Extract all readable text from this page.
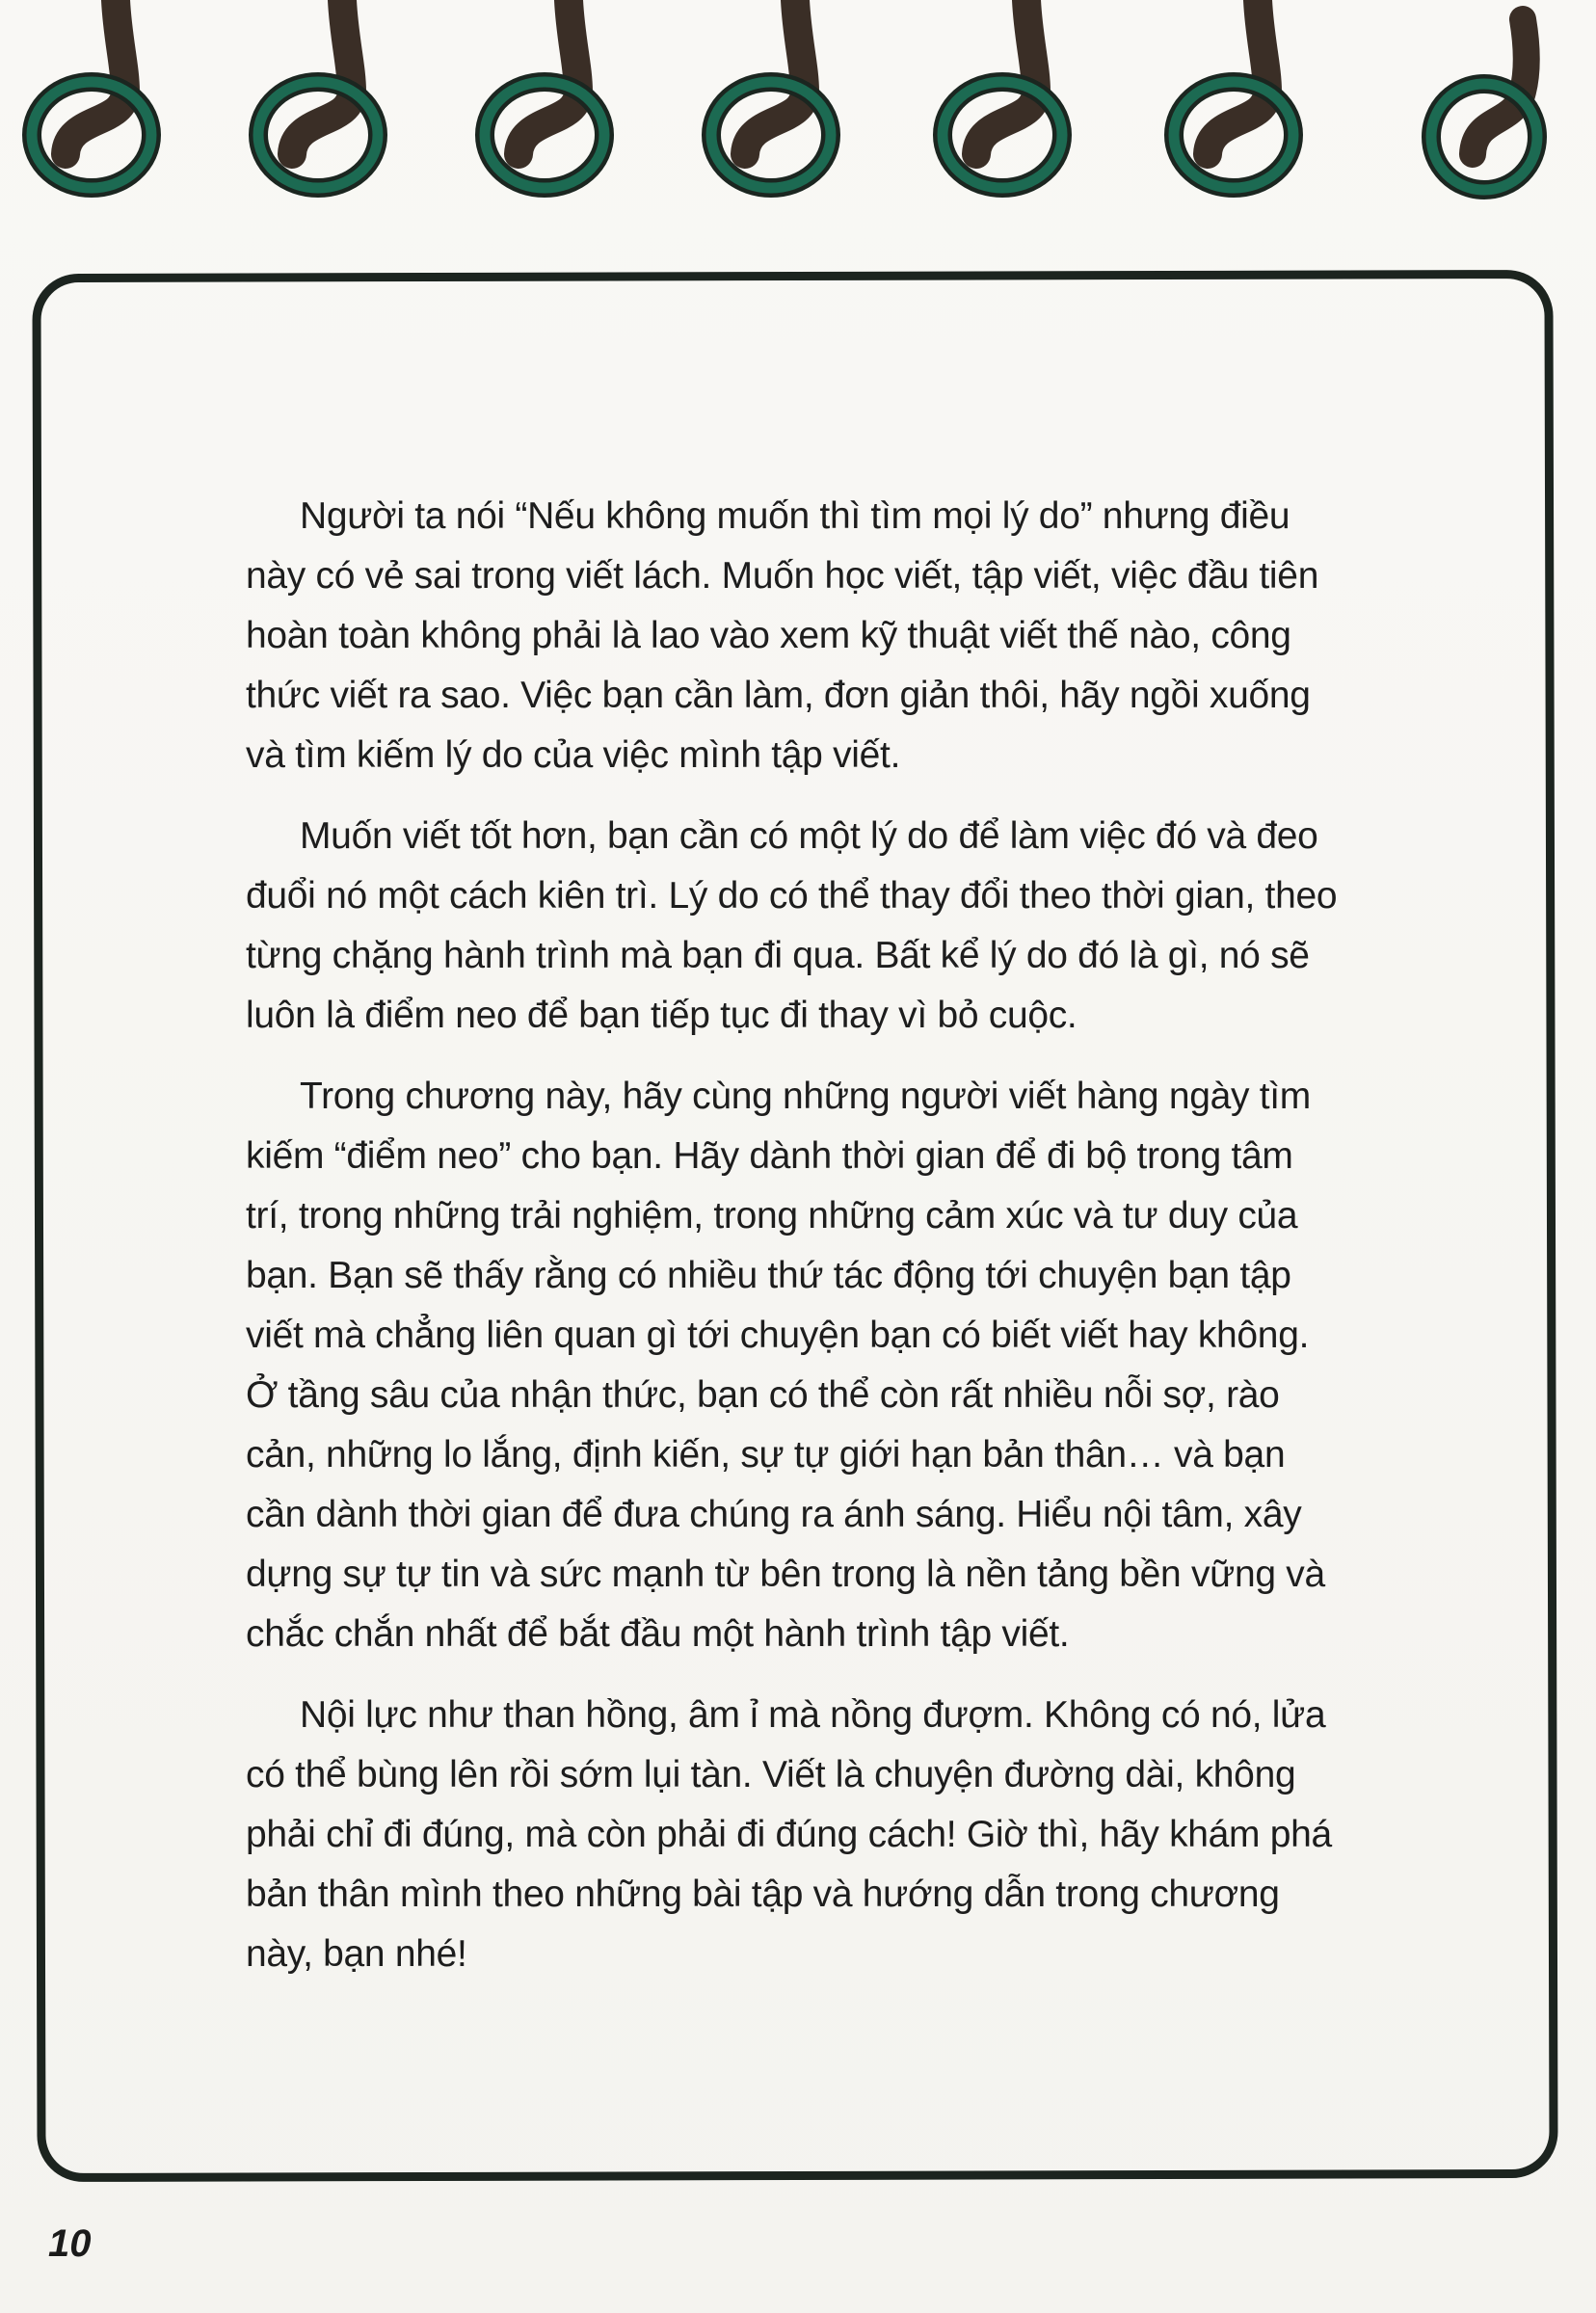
Người ta nói “Nếu không muốn thì tìm mọi lý do” nhưng điều này có vẻ sai trong viết lách. Muốn học viết, tập viết, việc đầu tiên hoàn toàn không phải là lao vào xem kỹ thuật viết thế nào, công thức viết ra sao. Việc bạn cần làm, đơn giản thôi, hãy ngồi xuống và tìm kiếm lý do của việc mình tập viết.

Muốn viết tốt hơn, bạn cần có một lý do để làm việc đó và đeo đuổi nó một cách kiên trì. Lý do có thể thay đổi theo thời gian, theo từng chặng hành trình mà bạn đi qua. Bất kể lý do đó là gì, nó sẽ luôn là điểm neo để bạn tiếp tục đi thay vì bỏ cuộc.

Trong chương này, hãy cùng những người viết hàng ngày tìm kiếm “điểm neo” cho bạn. Hãy dành thời gian để đi bộ trong tâm trí, trong những trải nghiệm, trong những cảm xúc và tư duy của bạn. Bạn sẽ thấy rằng có nhiều thứ tác động tới chuyện bạn tập viết mà chẳng liên quan gì tới chuyện bạn có biết viết hay không. Ở tầng sâu của nhận thức, bạn có thể còn rất nhiều nỗi sợ, rào cản, những lo lắng, định kiến, sự tự giới hạn bản thân… và bạn cần dành thời gian để đưa chúng ra ánh sáng. Hiểu nội tâm, xây dựng sự tự tin và sức mạnh từ bên trong là nền tảng bền vững và chắc chắn nhất để bắt đầu một hành trình tập viết.

Nội lực như than hồng, âm ỉ mà nồng đượm. Không có nó, lửa có thể bùng lên rồi sớm lụi tàn. Viết là chuyện đường dài, không phải chỉ đi đúng, mà còn phải đi đúng cách! Giờ thì, hãy khám phá bản thân mình theo những bài tập và hướng dẫn trong chương này, bạn nhé!

10
